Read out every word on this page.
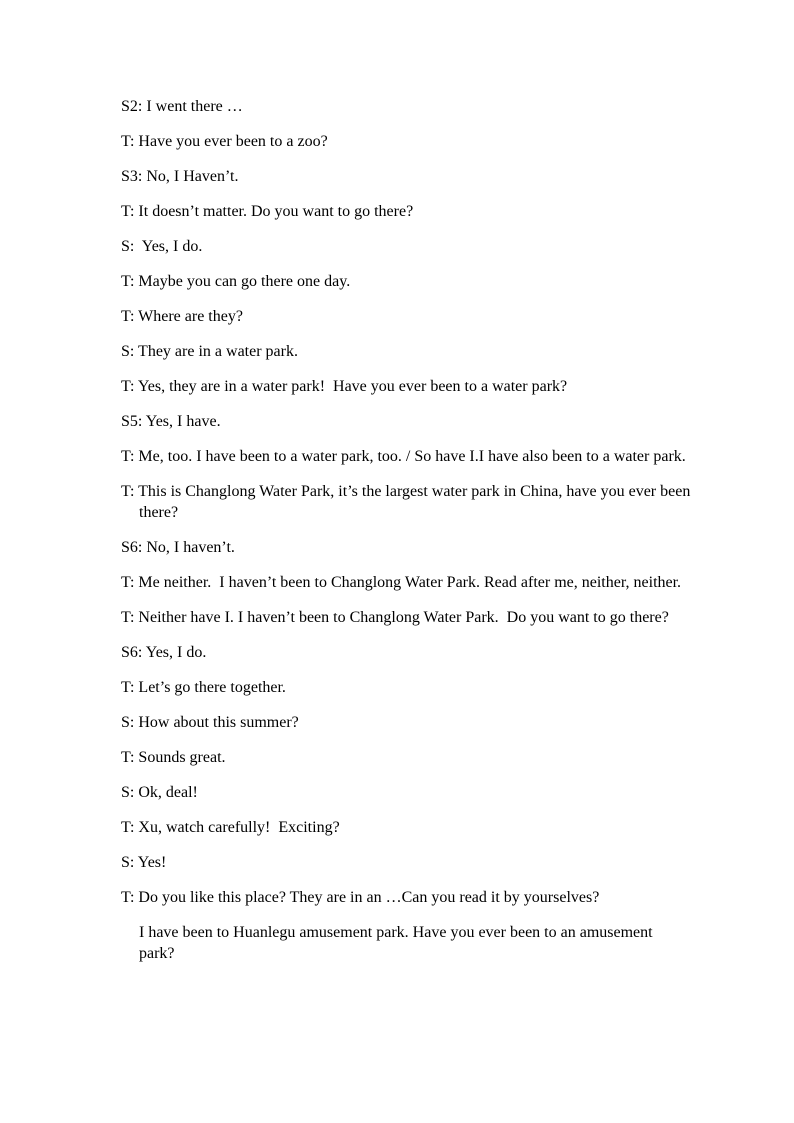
S2: I went there …

T: Have you ever been to a zoo?

S3: No, I Haven’t.

T: It doesn’t matter. Do you want to go there?

S:  Yes, I do.

T: Maybe you can go there one day.

T: Where are they?

S: They are in a water park.

T: Yes, they are in a water park!  Have you ever been to a water park?

S5: Yes, I have.

T: Me, too. I have been to a water park, too. / So have I.I have also been to a water park.

T: This is Changlong Water Park, it’s the largest water park in China, have you ever been there?

S6: No, I haven’t.

T: Me neither.  I haven’t been to Changlong Water Park. Read after me, neither, neither.

T: Neither have I. I haven’t been to Changlong Water Park.  Do you want to go there?

S6: Yes, I do.

T: Let’s go there together.

S: How about this summer?

T: Sounds great.

S: Ok, deal!

T: Xu, watch carefully!  Exciting?

S: Yes!

T: Do you like this place? They are in an …Can you read it by yourselves?

I have been to Huanlegu amusement park. Have you ever been to an amusement park?
